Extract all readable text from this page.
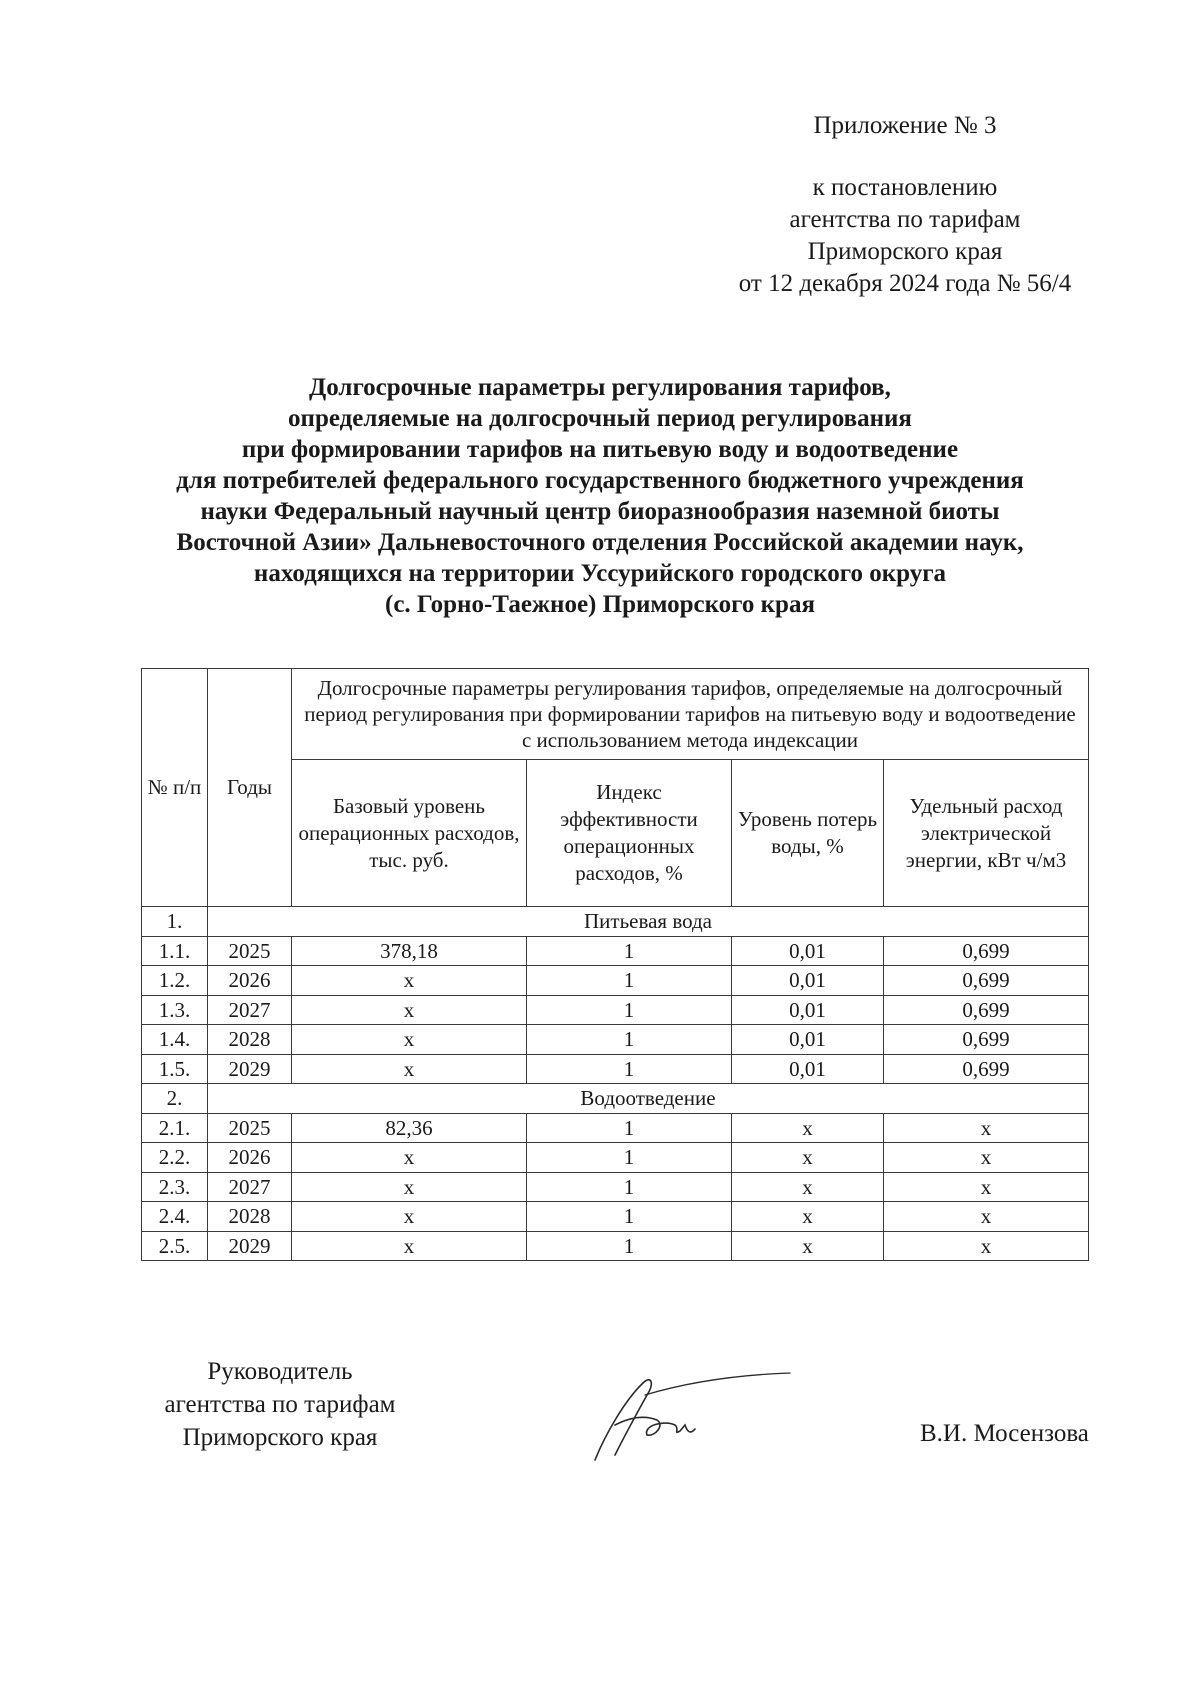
Приложение № 3
к постановлению
агентства по тарифам
Приморского края
от 12 декабря 2024 года № 56/4
Долгосрочные параметры регулирования тарифов,
определяемые на долгосрочный период регулирования
при формировании тарифов на питьевую воду и водоотведение
для потребителей федерального государственного бюджетного учреждения
науки Федеральный научный центр биоразнообразия наземной биоты
Восточной Азии» Дальневосточного отделения Российской академии наук,
находящихся на территории Уссурийского городского округа
(с. Горно-Таежное) Приморского края
№ п/п	Годы	Долгосрочные параметры регулирования тарифов, определяемые на долгосрочный период регулирования при формировании тарифов на питьевую воду и водоотведение с использованием метода индексации			
		Базовый уровень операционных расходов, тыс. руб.	Индекс эффективности операционных расходов, %	Уровень потерь воды, %	Удельный расход электрической энергии, кВт ч/м3
1.	Питьевая вода				
1.1.	2025	378,18	1	0,01	0,699
1.2.	2026	х	1	0,01	0,699
1.3.	2027	х	1	0,01	0,699
1.4.	2028	х	1	0,01	0,699
1.5.	2029	х	1	0,01	0,699
2.	Водоотведение				
2.1.	2025	82,36	1	х	х
2.2.	2026	х	1	х	х
2.3.	2027	х	1	х	х
2.4.	2028	х	1	х	х
2.5.	2029	х	1	х	х
Руководитель
агентства по тарифам
Приморского края	В.И. Мосензова
